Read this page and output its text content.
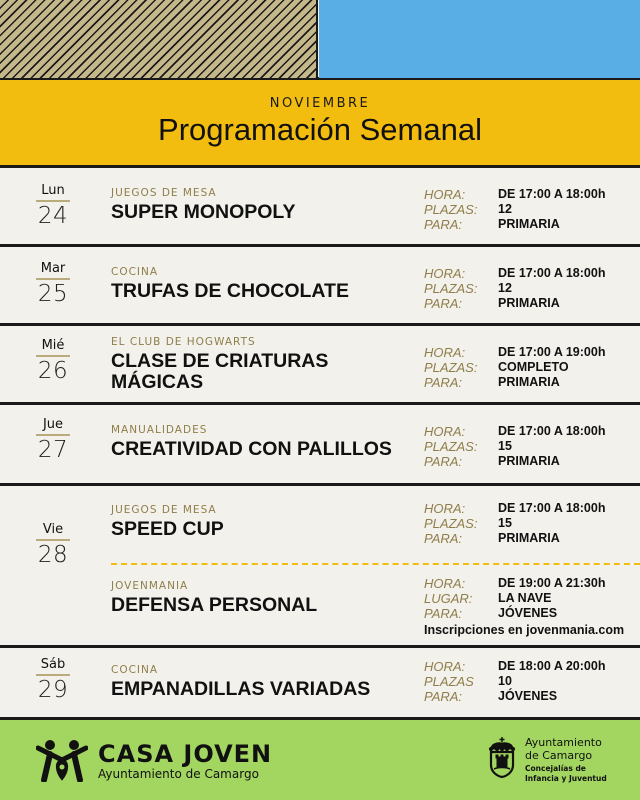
NOVIEMBRE
Programación Semanal
Lun
24
JUEGOS DE MESA
SUPER MONOPOLY
HORA:	DE 17:00 A 18:00h
PLAZAS:	12
PARA:	PRIMARIA
Mar
25
COCINA
TRUFAS DE CHOCOLATE
HORA:	DE 17:00 A 18:00h
PLAZAS:	12
PARA:	PRIMARIA
Mié
26
EL CLUB DE HOGWARTS
CLASE DE CRIATURAS
MÁGICAS
HORA:	DE 17:00 A 19:00h
PLAZAS:	COMPLETO
PARA:	PRIMARIA
Jue
27
MANUALIDADES
CREATIVIDAD CON PALILLOS
HORA:	DE 17:00 A 18:00h
PLAZAS:	15
PARA:	PRIMARIA
Vie
28
JUEGOS DE MESA
SPEED CUP
HORA:	DE 17:00 A 18:00h
PLAZAS:	15
PARA:	PRIMARIA
JOVENMANIA
DEFENSA PERSONAL
HORA:	DE 19:00 A 21:30h
LUGAR:	LA NAVE
PARA:	JÓVENES
Inscripciones en jovenmania.com
Sáb
29
COCINA
EMPANADILLAS VARIADAS
HORA:	DE 18:00 A 20:00h
PLAZAS	10
PARA:	JÓVENES
CASA JOVEN
Ayuntamiento de Camargo
Ayuntamiento
de Camargo
Concejalías de
Infancia y Juventud
